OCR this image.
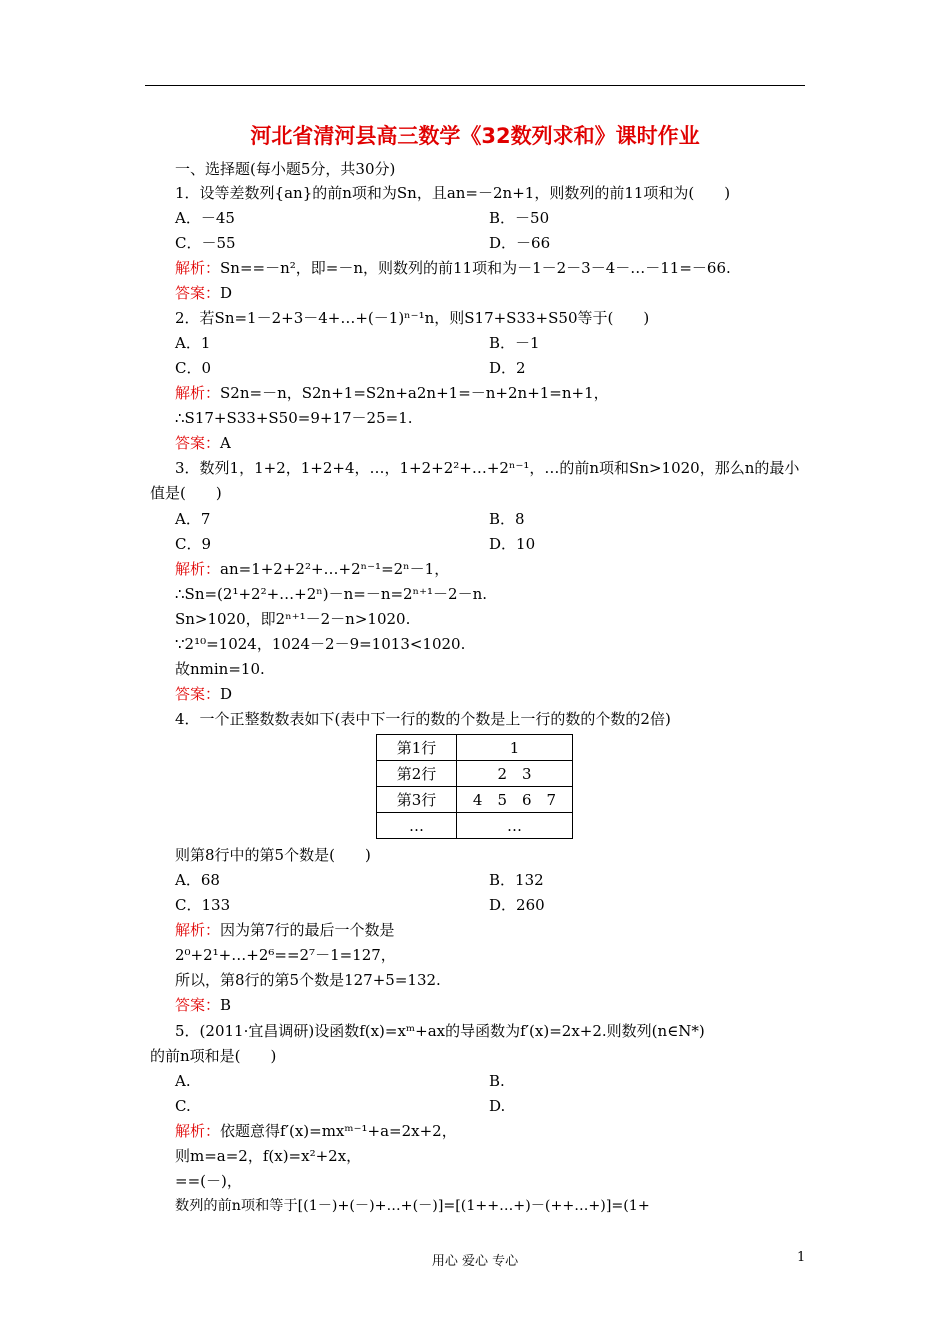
河北省清河县高三数学《32数列求和》课时作业
一、选择题(每小题5分，共30分)
1．设等差数列{an}的前n项和为Sn，且an=－2n+1，则数列的前11项和为(　　)
A．－45	B．－50
C．－55	D．－66
解析：Sn==－n²，即=－n，则数列的前11项和为－1－2－3－4－…－11=－66.
答案：D
2．若Sn=1－2+3－4+…+(－1)ⁿ⁻¹n，则S17+S33+S50等于(　　)
A．1	B．－1
C．0	D．2
解析：S2n=－n，S2n+1=S2n+a2n+1=－n+2n+1=n+1，
∴S17+S33+S50=9+17－25=1.
答案：A
3．数列1，1+2，1+2+4，…，1+2+2²+…+2ⁿ⁻¹，…的前n项和Sn>1020，那么n的最小
值是(　　)
A．7	B．8
C．9	D．10
解析：an=1+2+2²+…+2ⁿ⁻¹=2ⁿ－1，
∴Sn=(2¹+2²+…+2ⁿ)－n=－n=2ⁿ⁺¹－2－n.
Sn>1020，即2ⁿ⁺¹－2－n>1020.
∵2¹⁰=1024，1024－2－9=1013<1020.
故nmin=10.
答案：D
4．一个正整数数表如下(表中下一行的数的个数是上一行的数的个数的2倍)
第1行	1
第2行	2　3
第3行	4　5　6　7
…	…
则第8行中的第5个数是(　　)
A．68	B．132
C．133	D．260
解析：因为第7行的最后一个数是
2⁰+2¹+…+2⁶==2⁷－1=127，
所以，第8行的第5个数是127+5=132.
答案：B
5．(2011·宜昌调研)设函数f(x)=xᵐ+ax的导函数为f′(x)=2x+2.则数列(n∈N*)
的前n项和是(　　)
A.	B.
C.	D.
解析：依题意得f′(x)=mxᵐ⁻¹+a=2x+2，
则m=a=2，f(x)=x²+2x，
==(－)，
数列的前n项和等于[(1－)+(－)+…+(－)]=[(1++…+)－(++…+)]=(1+
用心 爱心 专心	1
